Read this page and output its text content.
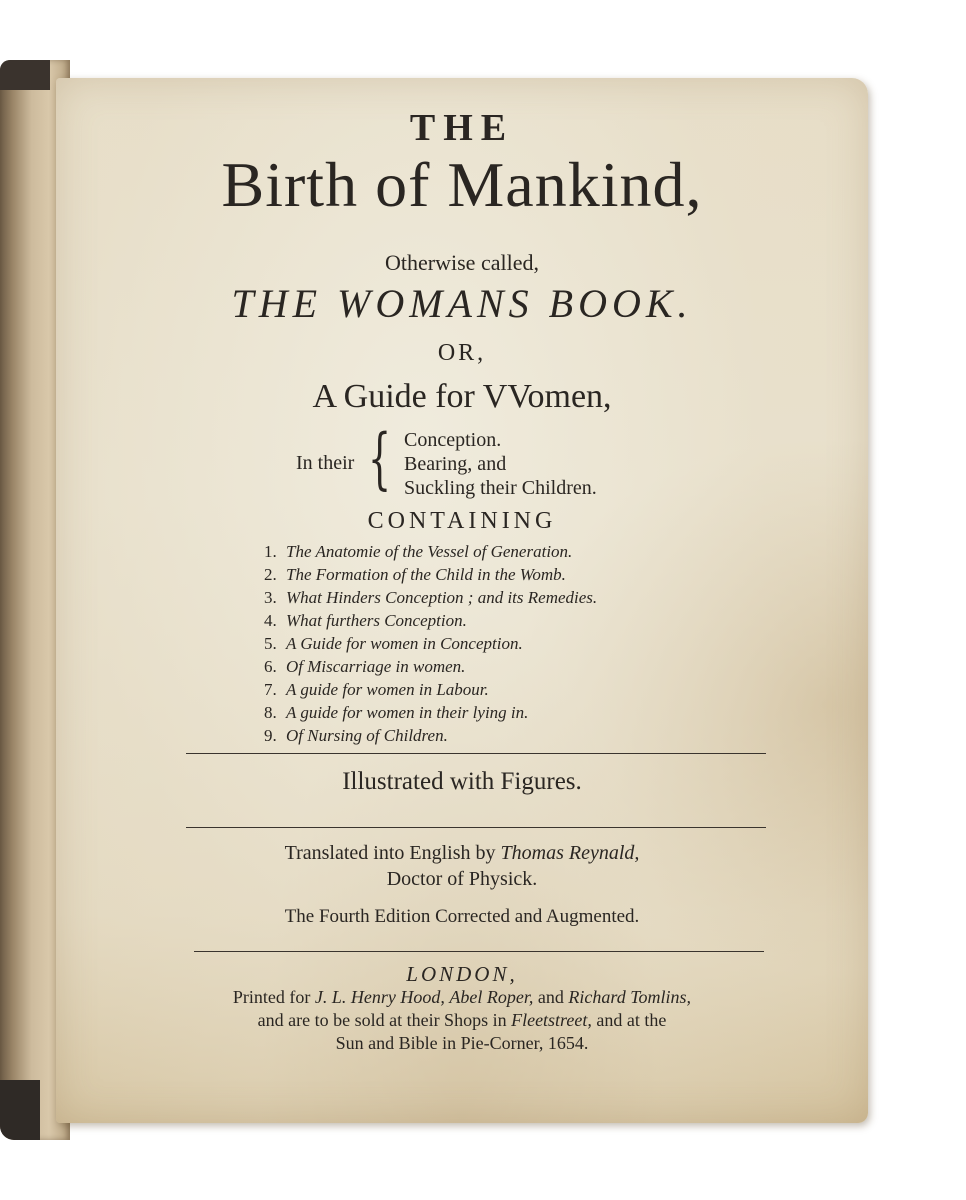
THE
Birth of Mankind,
Otherwise called,
THE WOMANS BOOK.
OR,
A Guide for VVomen,
In their { Conception.
Bearing, and
Suckling their Children.
CONTAINING
1. The Anatomie of the Vessel of Generation.
2. The Formation of the Child in the Womb.
3. What Hinders Conception ; and its Remedies.
4. What furthers Conception.
5. A Guide for women in Conception.
6. Of Miscarriage in women.
7. A guide for women in Labour.
8. A guide for women in their lying in.
9. Of Nursing of Children.
Illustrated with Figures.
Translated into English by Thomas Reynald,
Doctor of Physick.
The Fourth Edition Corrected and Augmented.
LONDON,
Printed for J. L. Henry Hood, Abel Roper, and Richard Tomlins,
and are to be sold at their Shops in Fleetstreet, and at the
Sun and Bible in Pie-Corner, 1654.
